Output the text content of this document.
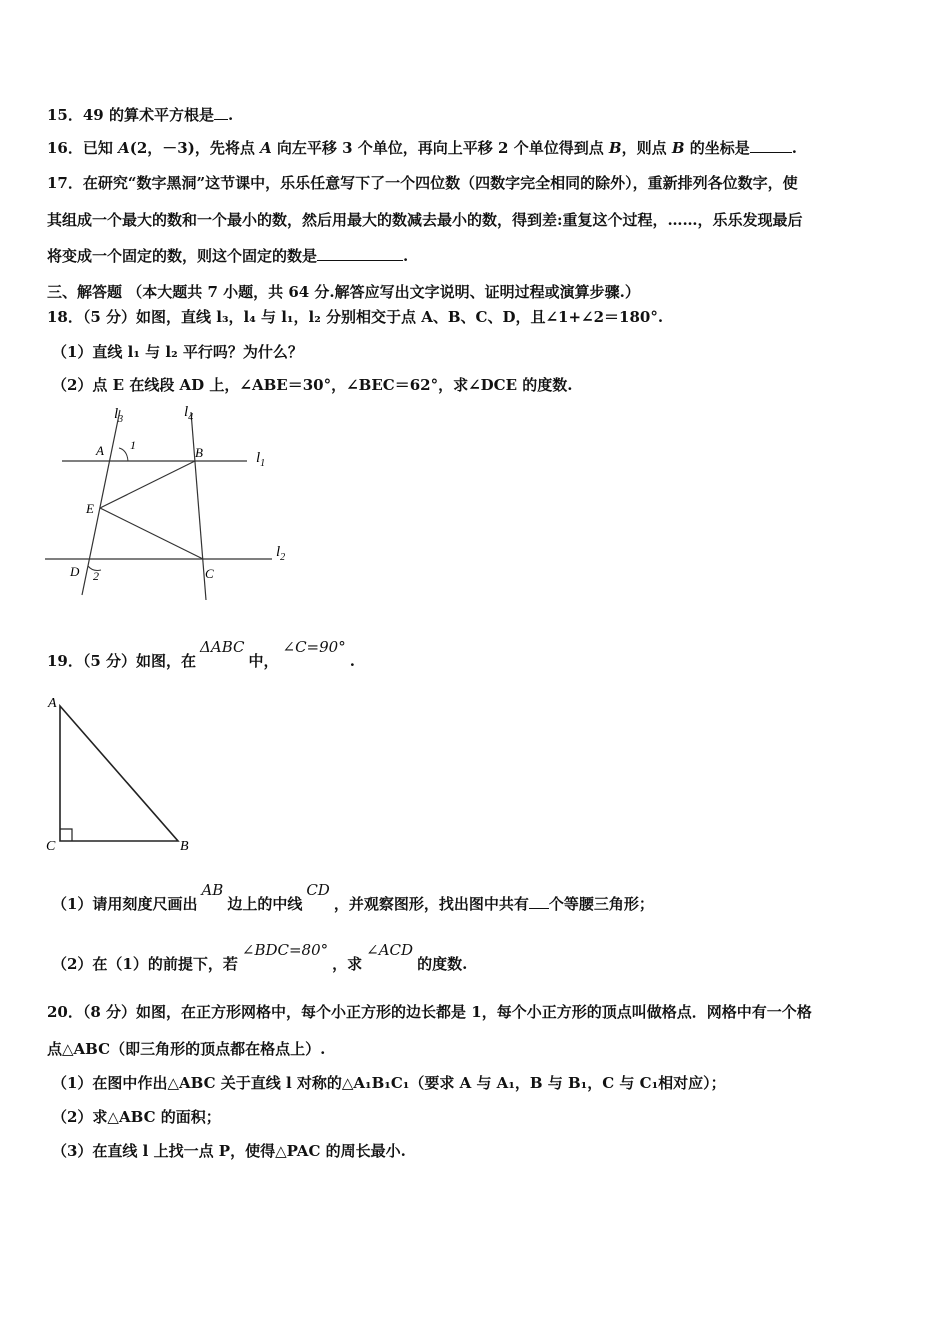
15．49 的算术平方根是 .
16．已知 A(2，－3)，先将点 A 向左平移 3 个单位，再向上平移 2 个单位得到点 B，则点 B 的坐标是	.
17．在研究“数字黑洞”这节课中，乐乐任意写下了一个四位数（四数字完全相同的除外），重新排列各位数字，使
其组成一个最大的数和一个最小的数，然后用最大的数减去最小的数，得到差:重复这个过程，……，乐乐发现最后
将变成一个固定的数，则这个固定的数是	.
三、解答题 （本大题共 7 小题，共 64 分.解答应写出文字说明、证明过程或演算步骤.）
18．（5 分）如图，直线 l₃，l₄ 与 l₁，l₂ 分别相交于点 A、B、C、D，且∠1+∠2＝180°.
（1）直线 l₁ 与 l₂ 平行吗？为什么？
（2）点 E 在线段 AD 上，∠ABE＝30°，∠BEC＝62°，求∠DCE 的度数.
$l_3$	$l_4$
$l_1$
$l_2$
A 1	B
E
D 2	C
19．（5 分）如图，在ΔABC中，∠C=90°.
A
C	B
（1）请用刻度尺画出AB边上的中线CD，并观察图形，找出图中共有 个等腰三角形；
（2）在（1）的前提下，若∠BDC=80°，求∠ACD的度数.
20．（8 分）如图，在正方形网格中，每个小正方形的边长都是 1，每个小正方形的顶点叫做格点．网格中有一个格
点△ABC（即三角形的顶点都在格点上）.
（1）在图中作出△ABC 关于直线 l 对称的△A₁B₁C₁（要求 A 与 A₁，B 与 B₁，C 与 C₁相对应）；
（2）求△ABC 的面积；
（3）在直线 l 上找一点 P，使得△PAC 的周长最小.
